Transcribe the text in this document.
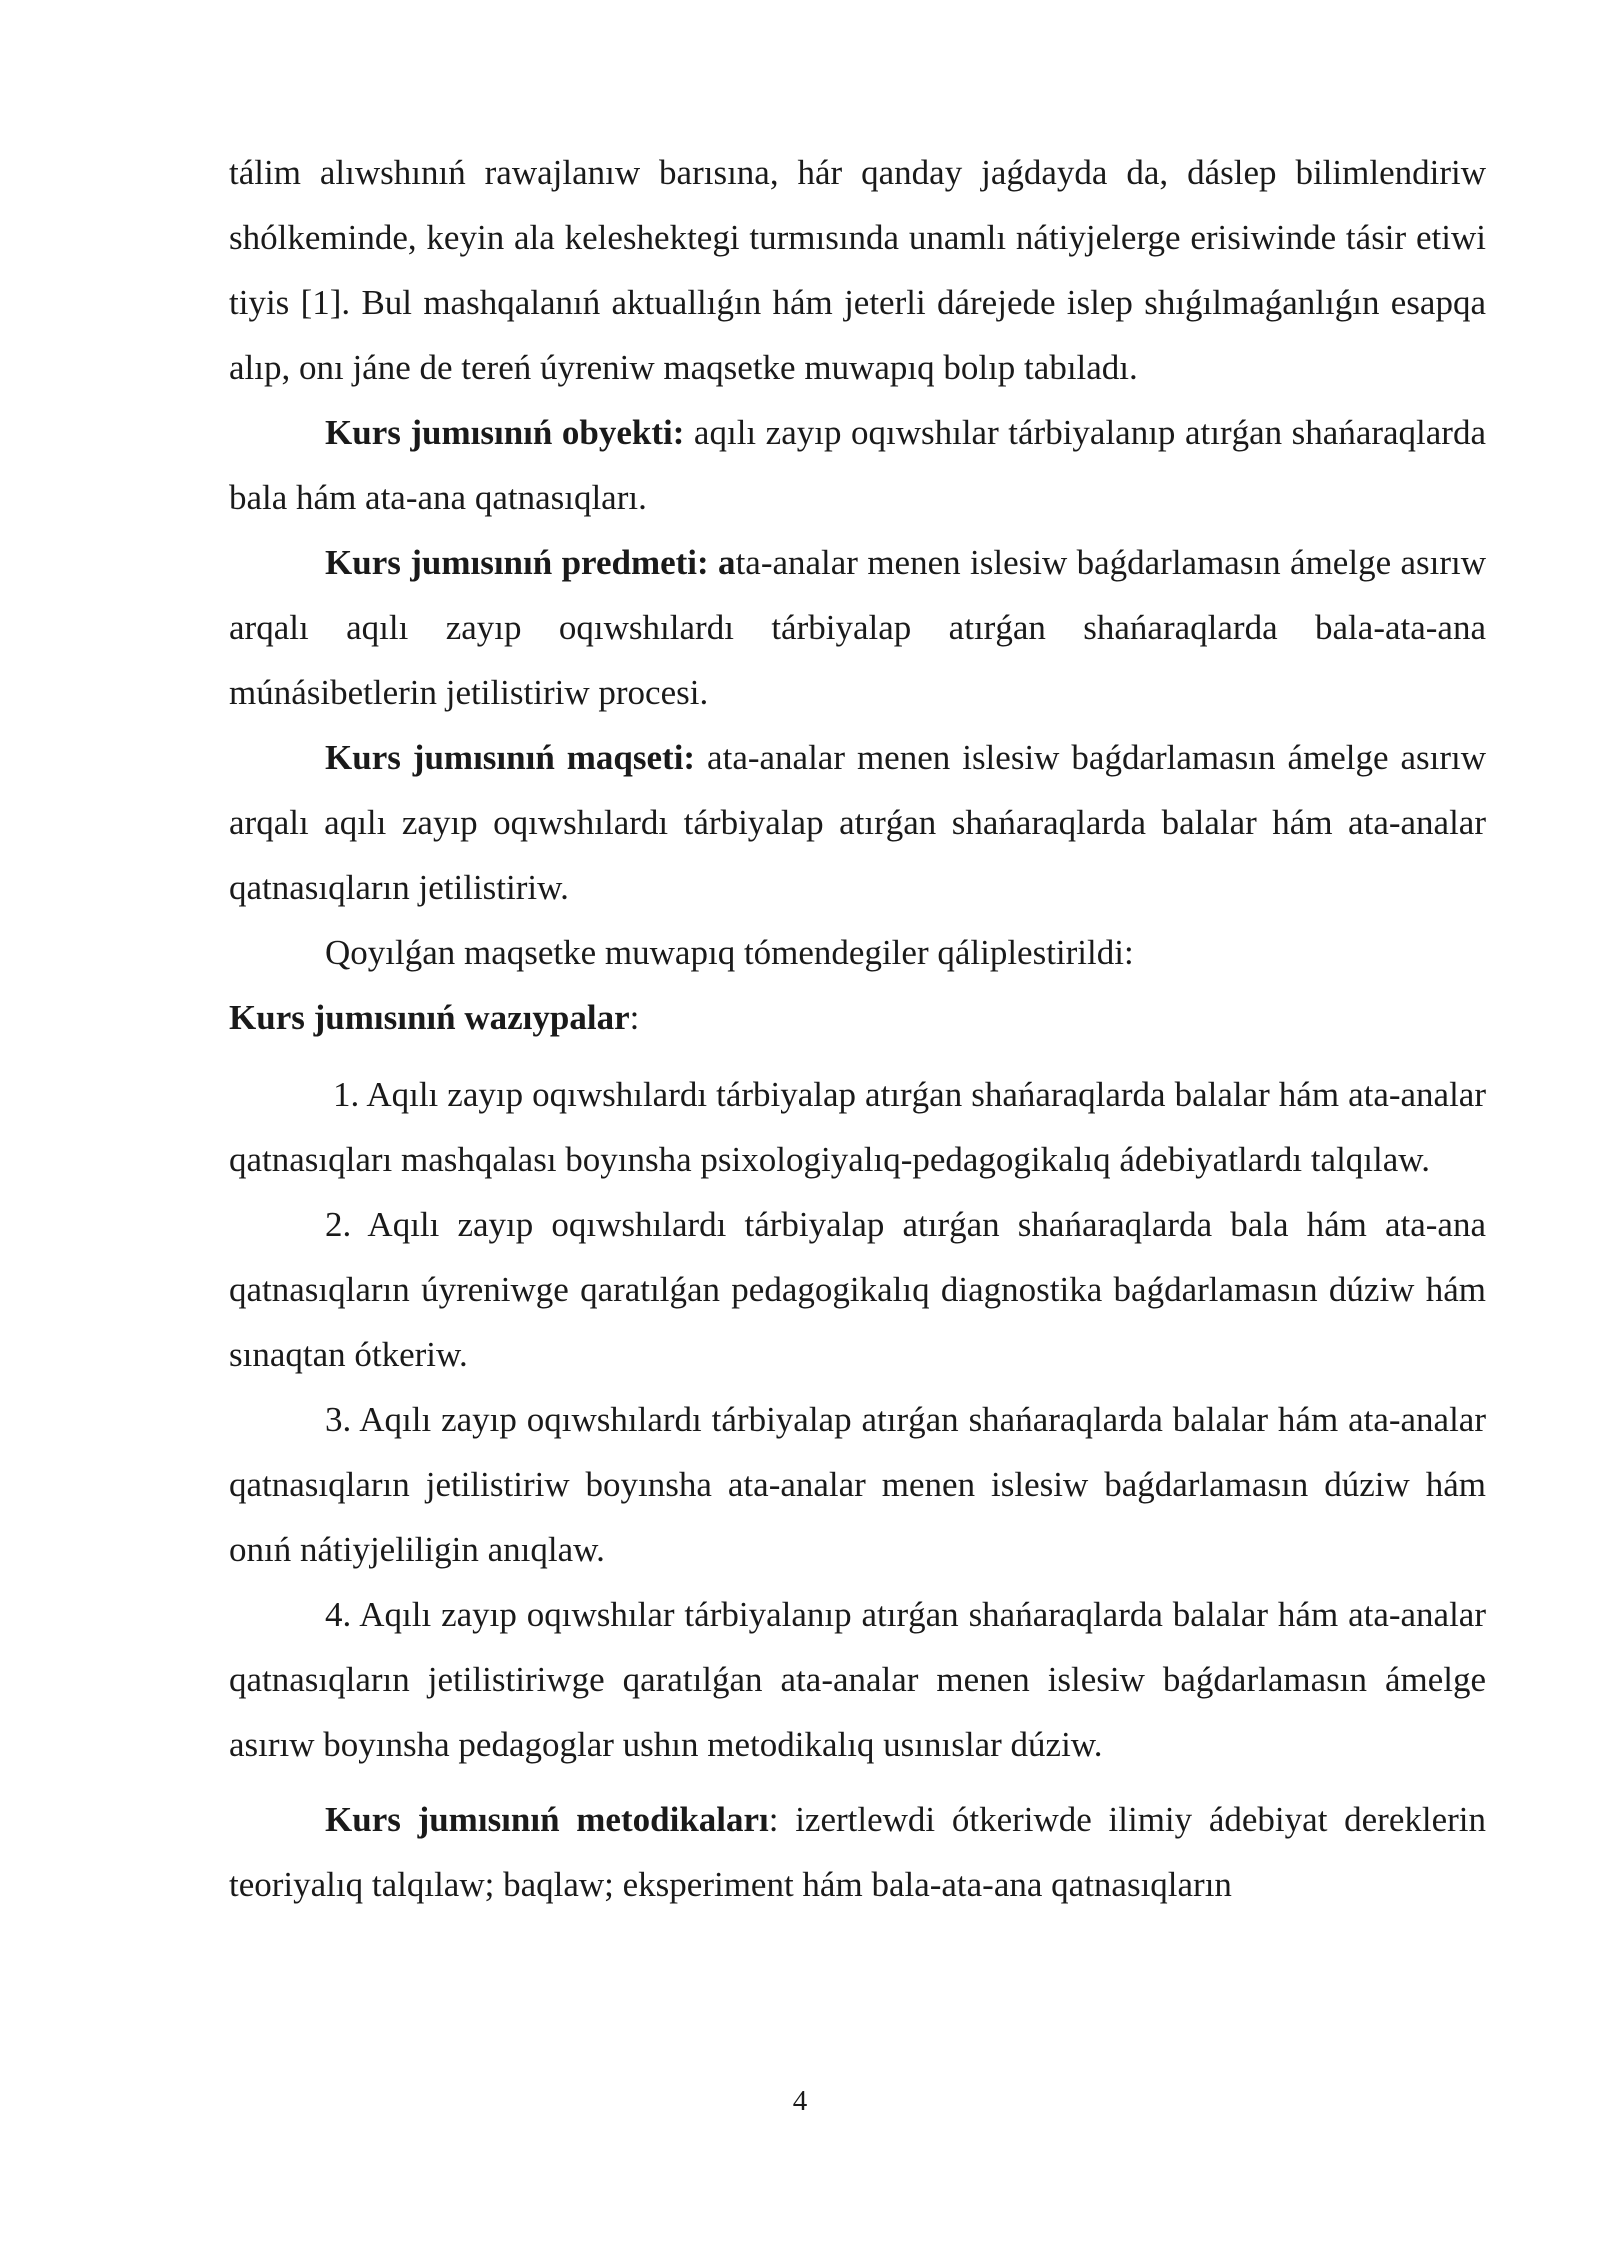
tálim alıwshınıń rawajlanıw barısına, hár qanday jaǵdayda da, dáslep bilimlendiriw shólkeminde, keyin ala keleshektegi turmısında unamlı nátiyjelerge erisiwinde tásir etiwi tiyis [1]. Bul mashqalanıń aktuallıǵın hám jeterli dárejede islep shıǵılmaǵanlıǵın esapqa alıp, onı jáne de tereń úyreniw maqsetke muwapıq bolıp tabıladı.

Kurs jumısınıń obyekti: aqılı zayıp oqıwshılar tárbiyalanıp atırǵan shańaraqlarda bala hám ata-ana qatnasıqları.

Kurs jumısınıń predmeti: ata-analar menen islesiw baǵdarlamasın ámelge asırıw arqalı aqılı zayıp oqıwshılardı tárbiyalap atırǵan shańaraqlarda bala-ata-ana múnásibetlerin jetilistiriw procesi.

Kurs jumısınıń maqseti: ata-analar menen islesiw baǵdarlamasın ámelge asırıw arqalı aqılı zayıp oqıwshılardı tárbiyalap atırǵan shańaraqlarda balalar hám ata-analar qatnasıqların jetilistiriw.

Qoyılǵan maqsetke muwapıq tómendegiler qáliplestirildi:

Kurs jumısınıń wazıypalar:

1. Aqılı zayıp oqıwshılardı tárbiyalap atırǵan shańaraqlarda balalar hám ata-analar qatnasıqları mashqalası boyınsha psixologiyalıq-pedagogikalıq ádebiyatlardı talqılaw.

2. Aqılı zayıp oqıwshılardı tárbiyalap atırǵan shańaraqlarda bala hám ata-ana qatnasıqların úyreniwge qaratılǵan pedagogikalıq diagnostika baǵdarlamasın dúziw hám sınaqtan ótkeriw.

3. Aqılı zayıp oqıwshılardı tárbiyalap atırǵan shańaraqlarda balalar hám ata-analar qatnasıqların jetilistiriw boyınsha ata-analar menen islesiw baǵdarlamasın dúziw hám onıń nátiyjeliligin anıqlaw.

4. Aqılı zayıp oqıwshılar tárbiyalanıp atırǵan shańaraqlarda balalar hám ata-analar qatnasıqların jetilistiriwge qaratılǵan ata-analar menen islesiw baǵdarlamasın ámelge asırıw boyınsha pedagoglar ushın metodikalıq usınıslar dúziw.

Kurs jumısınıń metodikaları: izertlewdi ótkeriwde ilimiy ádebiyat dereklerin teoriyalıq talqılaw; baqlaw; eksperiment hám bala-ata-ana qatnasıqların

4
